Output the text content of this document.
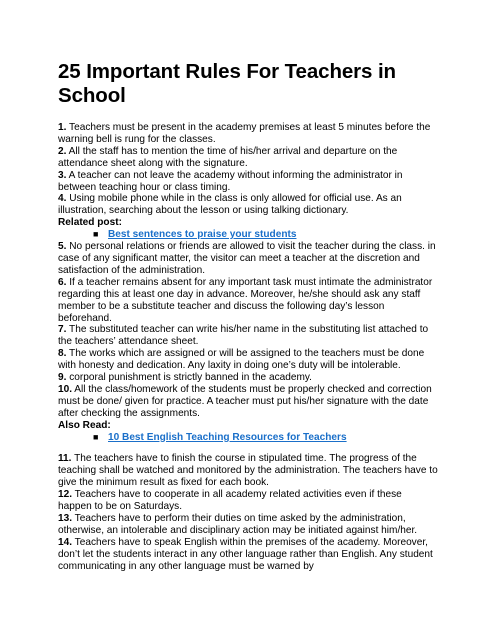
25 Important Rules For Teachers in School

1. Teachers must be present in the academy premises at least 5 minutes before the warning bell is rung for the classes.

2. All the staff has to mention the time of his/her arrival and departure on the attendance sheet along with the signature.

3. A teacher can not leave the academy without informing the administrator in between teaching hour or class timing.

4. Using mobile phone while in the class is only allowed for official use. As an illustration, searching about the lesson or using talking dictionary.

Related post:

■ Best sentences to praise your students

5. No personal relations or friends are allowed to visit the teacher during the class. in case of any significant matter, the visitor can meet a teacher at the discretion and satisfaction of the administration.

6. If a teacher remains absent for any important task must intimate the administrator regarding this at least one day in advance. Moreover, he/she should ask any staff member to be a substitute teacher and discuss the following day’s lesson beforehand.

7. The substituted teacher can write his/her name in the substituting list attached to the teachers’ attendance sheet.

8. The works which are assigned or will be assigned to the teachers must be done with honesty and dedication. Any laxity in doing one’s duty will be intolerable.

9. corporal punishment is strictly banned in the academy.

10. All the class/homework of the students must be properly checked and correction must be done/ given for practice. A teacher must put his/her signature with the date after checking the assignments.

Also Read:

■ 10 Best English Teaching Resources for Teachers

11. The teachers have to finish the course in stipulated time. The progress of the teaching shall be watched and monitored by the administration. The teachers have to give the minimum result as fixed for each book.

12. Teachers have to cooperate in all academy related activities even if these happen to be on Saturdays.

13. Teachers have to perform their duties on time asked by the administration, otherwise, an intolerable and disciplinary action may be initiated against him/her.

14. Teachers have to speak English within the premises of the academy. Moreover, don’t let the students interact in any other language rather than English. Any student communicating in any other language must be warned by
